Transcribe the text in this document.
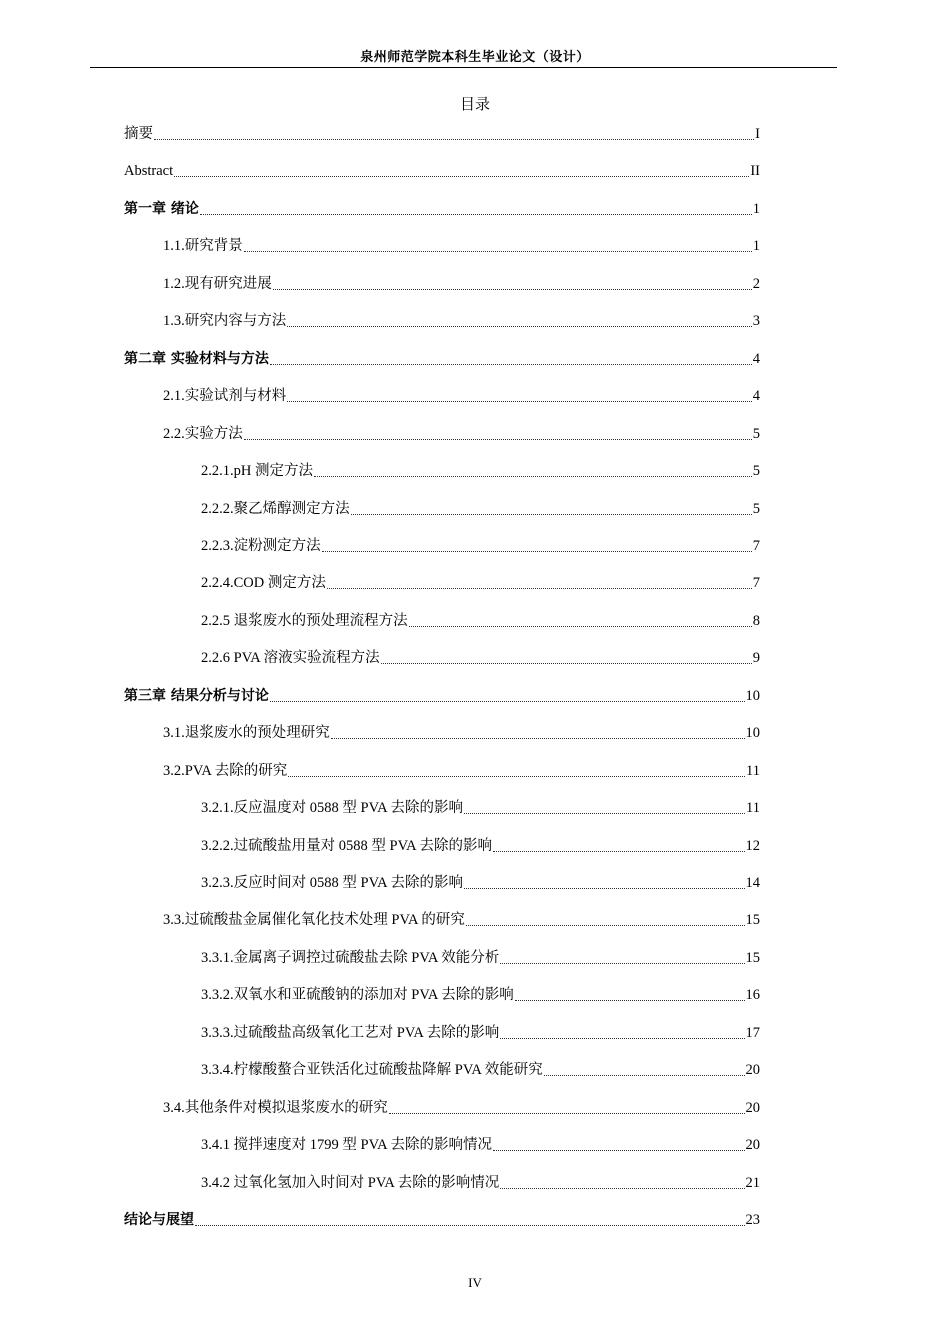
泉州师范学院本科生毕业论文（设计）
目录
摘要	I
Abstract	II
第一章 绪论	1
1.1.研究背景	1
1.2.现有研究进展	2
1.3.研究内容与方法	3
第二章 实验材料与方法	4
2.1.实验试剂与材料	4
2.2.实验方法	5
2.2.1.pH 测定方法	5
2.2.2.聚乙烯醇测定方法	5
2.2.3.淀粉测定方法	7
2.2.4.COD 测定方法	7
2.2.5 退浆废水的预处理流程方法	8
2.2.6 PVA 溶液实验流程方法	9
第三章 结果分析与讨论	10
3.1.退浆废水的预处理研究	10
3.2.PVA 去除的研究	11
3.2.1.反应温度对 0588 型 PVA 去除的影响	11
3.2.2.过硫酸盐用量对 0588 型 PVA 去除的影响	12
3.2.3.反应时间对 0588 型 PVA 去除的影响	14
3.3.过硫酸盐金属催化氧化技术处理 PVA 的研究	15
3.3.1.金属离子调控过硫酸盐去除 PVA 效能分析	15
3.3.2.双氧水和亚硫酸钠的添加对 PVA 去除的影响	16
3.3.3.过硫酸盐高级氧化工艺对 PVA 去除的影响	17
3.3.4.柠檬酸螯合亚铁活化过硫酸盐降解 PVA 效能研究	20
3.4.其他条件对模拟退浆废水的研究	20
3.4.1 搅拌速度对 1799 型 PVA 去除的影响情况	20
3.4.2 过氧化氢加入时间对 PVA 去除的影响情况	21
结论与展望	23
IV
